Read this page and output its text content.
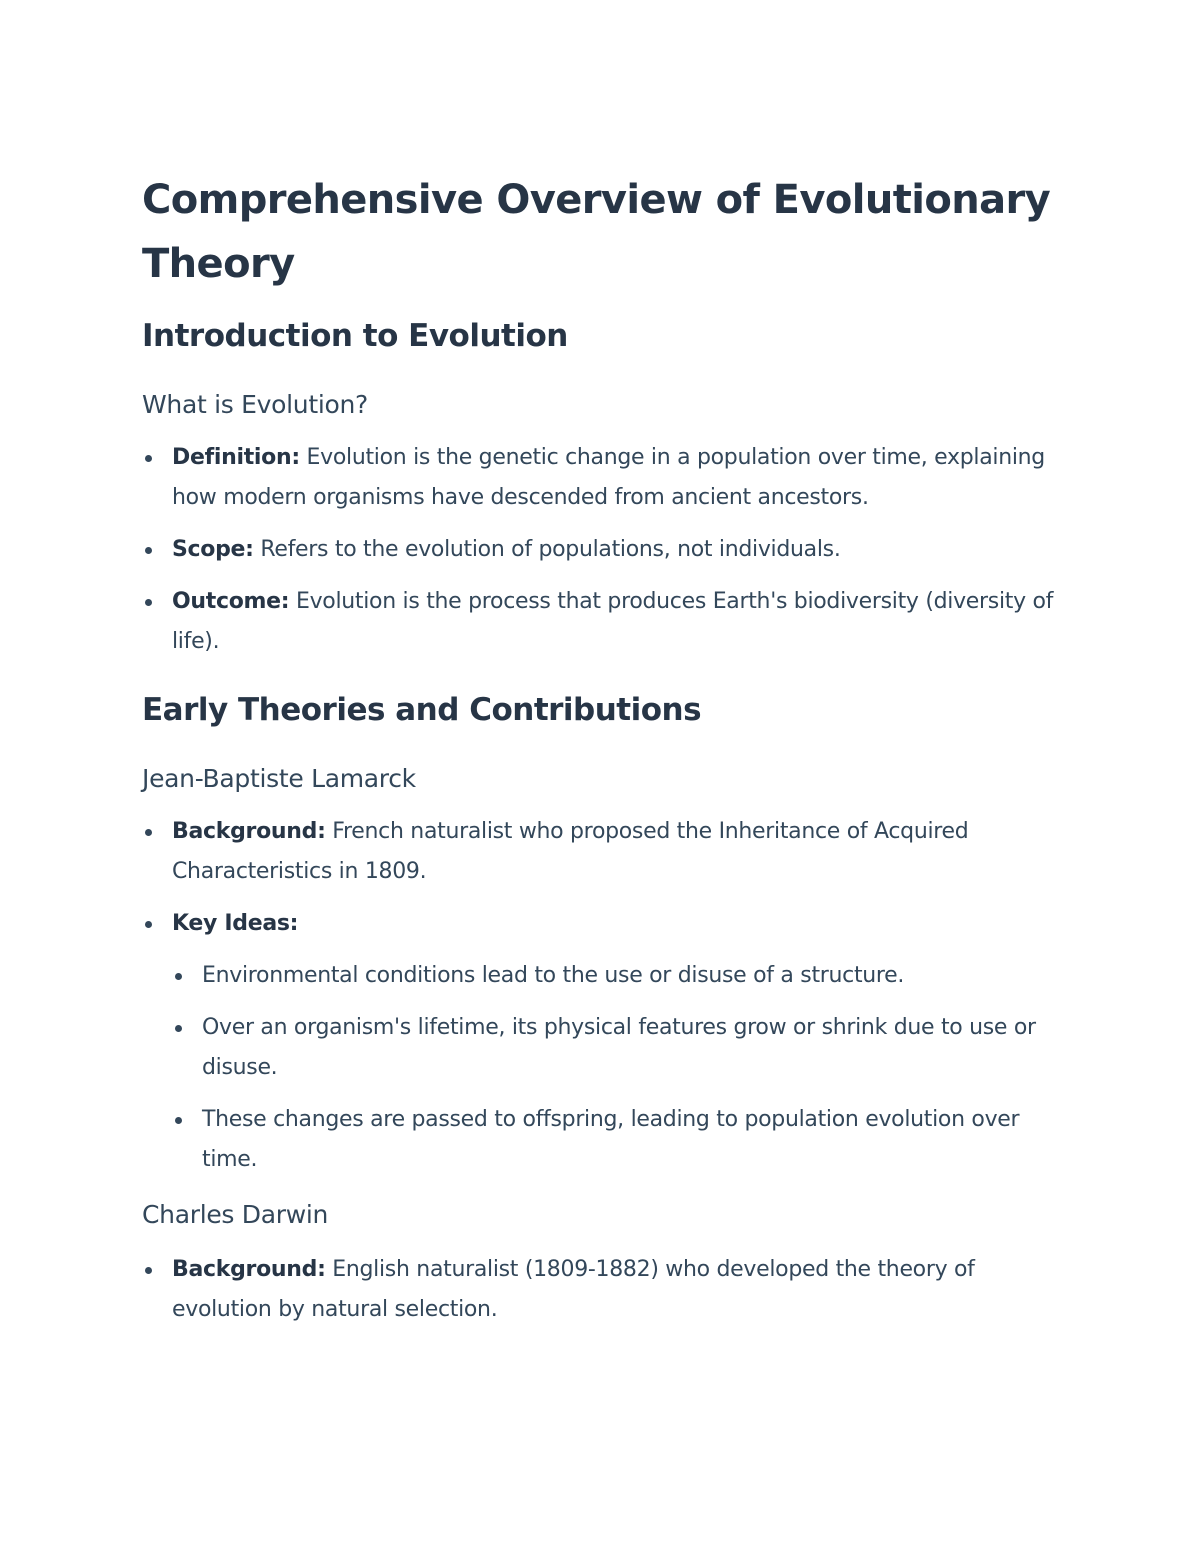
Comprehensive Overview of Evolutionary Theory
Introduction to Evolution
What is Evolution?
Definition: Evolution is the genetic change in a population over time, explaining how modern organisms have descended from ancient ancestors.
Scope: Refers to the evolution of populations, not individuals.
Outcome: Evolution is the process that produces Earth's biodiversity (diversity of life).
Early Theories and Contributions
Jean-Baptiste Lamarck
Background: French naturalist who proposed the Inheritance of Acquired Characteristics in 1809.
Key Ideas:
Environmental conditions lead to the use or disuse of a structure.
Over an organism's lifetime, its physical features grow or shrink due to use or disuse.
These changes are passed to offspring, leading to population evolution over time.
Charles Darwin
Background: English naturalist (1809-1882) who developed the theory of evolution by natural selection.
